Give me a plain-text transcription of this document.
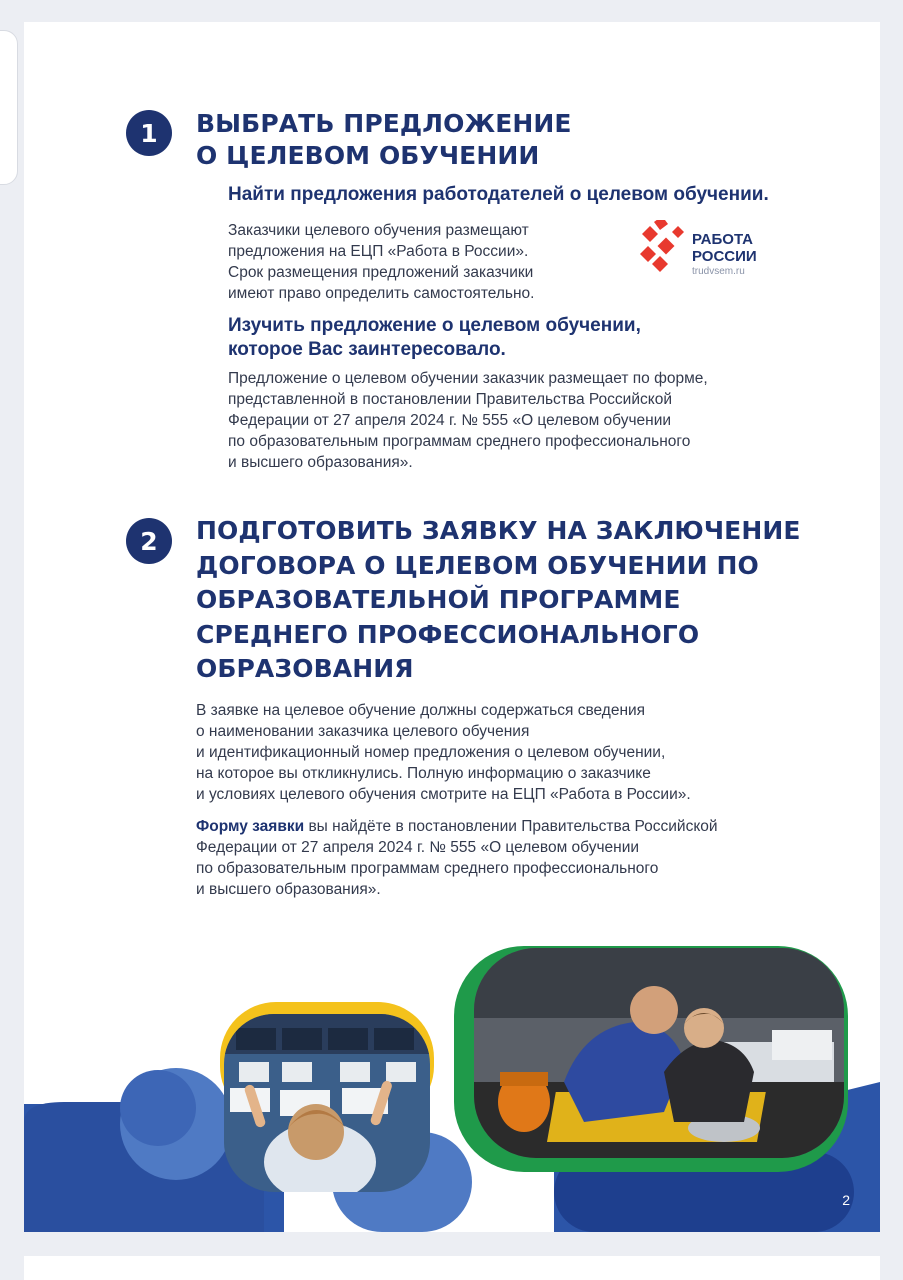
1	ВЫБРАТЬ ПРЕДЛОЖЕНИЕ
О ЦЕЛЕВОМ ОБУЧЕНИИ
Найти предложения работодателей о целевом обучении.
Заказчики целевого обучения размещают
предложения на ЕЦП «Работа в России».
Срок размещения предложений заказчики
имеют право определить самостоятельно.
РАБОТА
РОССИИ
trudvsem.ru
Изучить предложение о целевом обучении,
которое Вас заинтересовало.
Предложение о целевом обучении заказчик размещает по форме,
представленной в постановлении Правительства Российской
Федерации от 27 апреля 2024 г. № 555 «О целевом обучении
по образовательным программам среднего профессионального
и высшего образования».
2	ПОДГОТОВИТЬ ЗАЯВКУ НА ЗАКЛЮЧЕНИЕ
ДОГОВОРА О ЦЕЛЕВОМ ОБУЧЕНИИ ПО
ОБРАЗОВАТЕЛЬНОЙ ПРОГРАММЕ
СРЕДНЕГО ПРОФЕССИОНАЛЬНОГО
ОБРАЗОВАНИЯ
В заявке на целевое обучение должны содержаться сведения
о наименовании заказчика целевого обучения
и идентификационный номер предложения о целевом обучении,
на которое вы откликнулись. Полную информацию о заказчике
и условиях целевого обучения смотрите на ЕЦП «Работа в России».
Форму заявки вы найдёте в постановлении Правительства Российской
Федерации от 27 апреля 2024 г. № 555 «О целевом обучении
по образовательным программам среднего профессионального
и высшего образования».
2
